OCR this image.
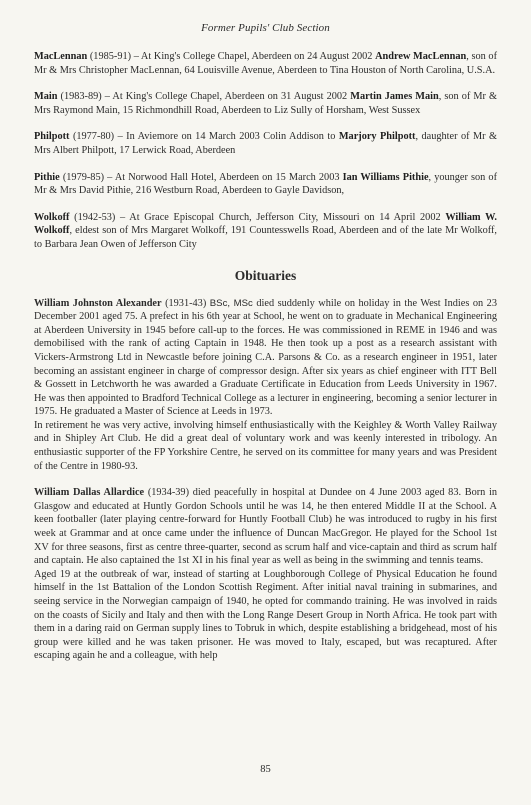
Former Pupils' Club Section

MacLennan (1985-91) – At King's College Chapel, Aberdeen on 24 August 2002 Andrew MacLennan, son of Mr & Mrs Christopher MacLennan, 64 Louisville Avenue, Aberdeen to Tina Houston of North Carolina, U.S.A.

Main (1983-89) – At King's College Chapel, Aberdeen on 31 August 2002 Martin James Main, son of Mr & Mrs Raymond Main, 15 Richmondhill Road, Aberdeen to Liz Sully of Horsham, West Sussex

Philpott (1977-80) – In Aviemore on 14 March 2003 Colin Addison to Marjory Philpott, daughter of Mr & Mrs Albert Philpott, 17 Lerwick Road, Aberdeen

Pithie (1979-85) – At Norwood Hall Hotel, Aberdeen on 15 March 2003 Ian Williams Pithie, younger son of Mr & Mrs David Pithie, 216 Westburn Road, Aberdeen to Gayle Davidson,

Wolkoff (1942-53) – At Grace Episcopal Church, Jefferson City, Missouri on 14 April 2002 William W. Wolkoff, eldest son of Mrs Margaret Wolkoff, 191 Countesswells Road, Aberdeen and of the late Mr Wolkoff, to Barbara Jean Owen of Jefferson City

Obituaries

William Johnston Alexander (1931-43) BSc, MSc died suddenly while on holiday in the West Indies on 23 December 2001 aged 75. A prefect in his 6th year at School, he went on to graduate in Mechanical Engineering at Aberdeen University in 1945 before call-up to the forces. He was commissioned in REME in 1946 and was demobilised with the rank of acting Captain in 1948. He then took up a post as a research assistant with Vickers-Armstrong Ltd in Newcastle before joining C.A. Parsons & Co. as a research engineer in 1951, later becoming an assistant engineer in charge of compressor design. After six years as chief engineer with ITT Bell & Gossett in Letchworth he was awarded a Graduate Certificate in Education from Leeds University in 1967. He was then appointed to Bradford Technical College as a lecturer in engineering, becoming a senior lecturer in 1975. He graduated a Master of Science at Leeds in 1973.

In retirement he was very active, involving himself enthusiastically with the Keighley & Worth Valley Railway and in Shipley Art Club. He did a great deal of voluntary work and was keenly interested in tribology. An enthusiastic supporter of the FP Yorkshire Centre, he served on its committee for many years and was President of the Centre in 1980-93.

William Dallas Allardice (1934-39) died peacefully in hospital at Dundee on 4 June 2003 aged 83. Born in Glasgow and educated at Huntly Gordon Schools until he was 14, he then entered Middle II at the School. A keen footballer (later playing centre-forward for Huntly Football Club) he was introduced to rugby in his first week at Grammar and at once came under the influence of Duncan MacGregor. He played for the School 1st XV for three seasons, first as centre three-quarter, second as scrum half and vice-captain and third as scrum half and captain. He also captained the 1st XI in his final year as well as being in the swimming and tennis teams.

Aged 19 at the outbreak of war, instead of starting at Loughborough College of Physical Education he found himself in the 1st Battalion of the London Scottish Regiment. After initial naval training in submarines, and seeing service in the Norwegian campaign of 1940, he opted for commando training. He was involved in raids on the coasts of Sicily and Italy and then with the Long Range Desert Group in North Africa. He took part with them in a daring raid on German supply lines to Tobruk in which, despite establishing a bridgehead, most of his group were killed and he was taken prisoner. He was moved to Italy, escaped, but was recaptured. After escaping again he and a colleague, with help

85
